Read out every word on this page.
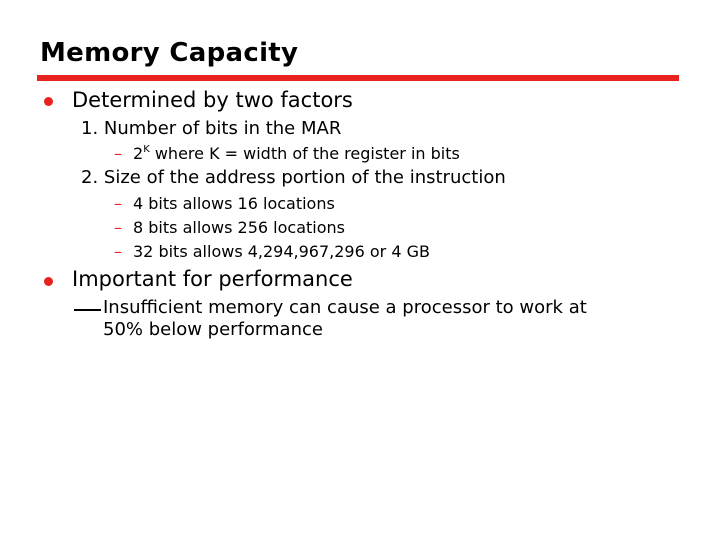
Memory Capacity
Determined by two factors
1. Number of bits in the MAR
– $2^K$ where K = width of the register in bits
2. Size of the address portion of the instruction
– 4 bits allows 16 locations
– 8 bits allows 256 locations
– 32 bits allows 4,294,967,296 or 4 GB
Important for performance
Insufficient memory can cause a processor to work at
50% below performance
